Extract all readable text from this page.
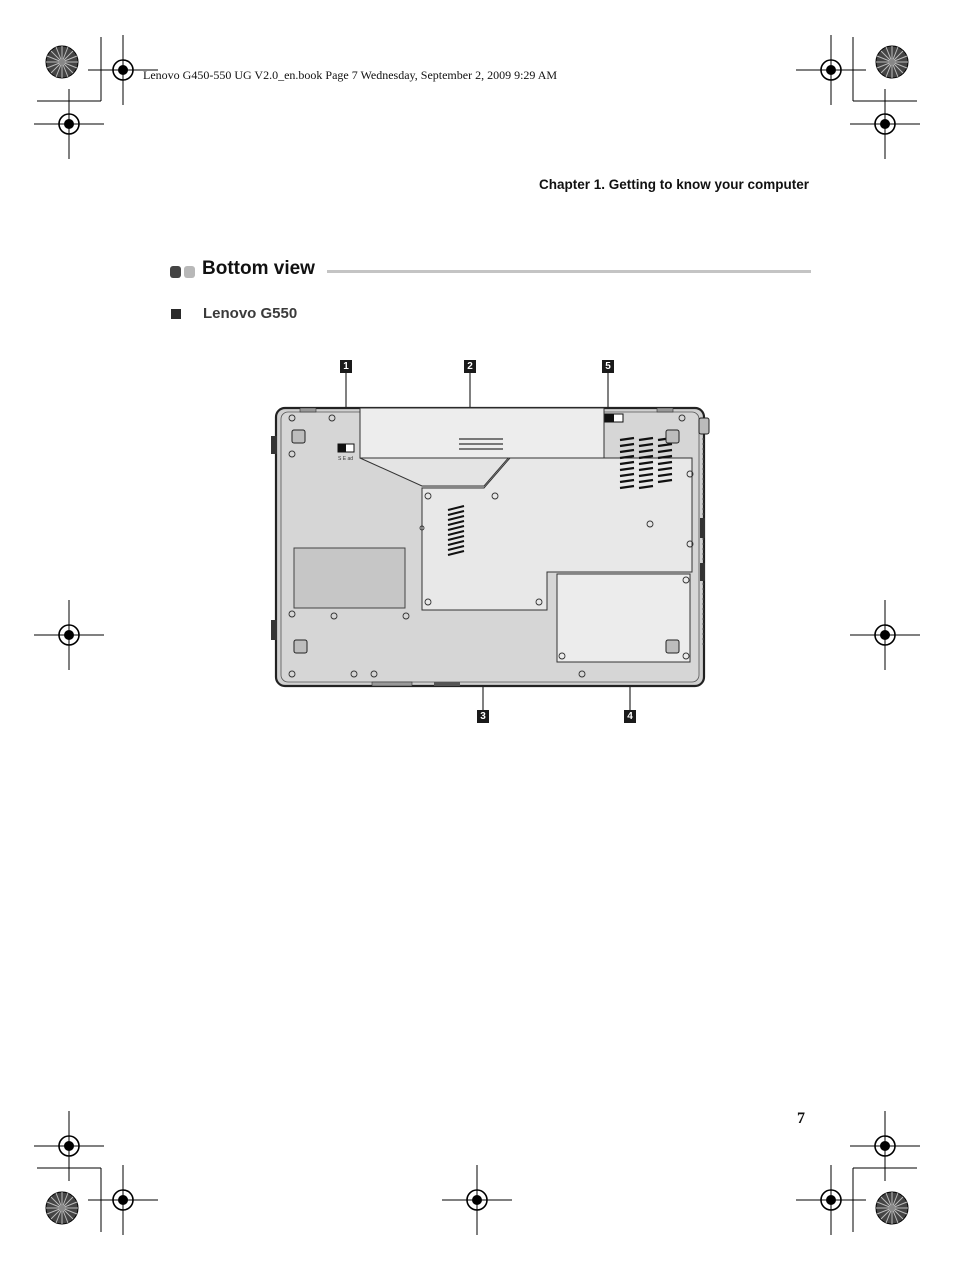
Lenovo G450-550 UG V2.0_en.book Page 7 Wednesday, September 2, 2009 9:29 AM
Chapter 1. Getting to know your computer
Bottom view
Lenovo G550
1	2	5
3	4
S E ad
7
